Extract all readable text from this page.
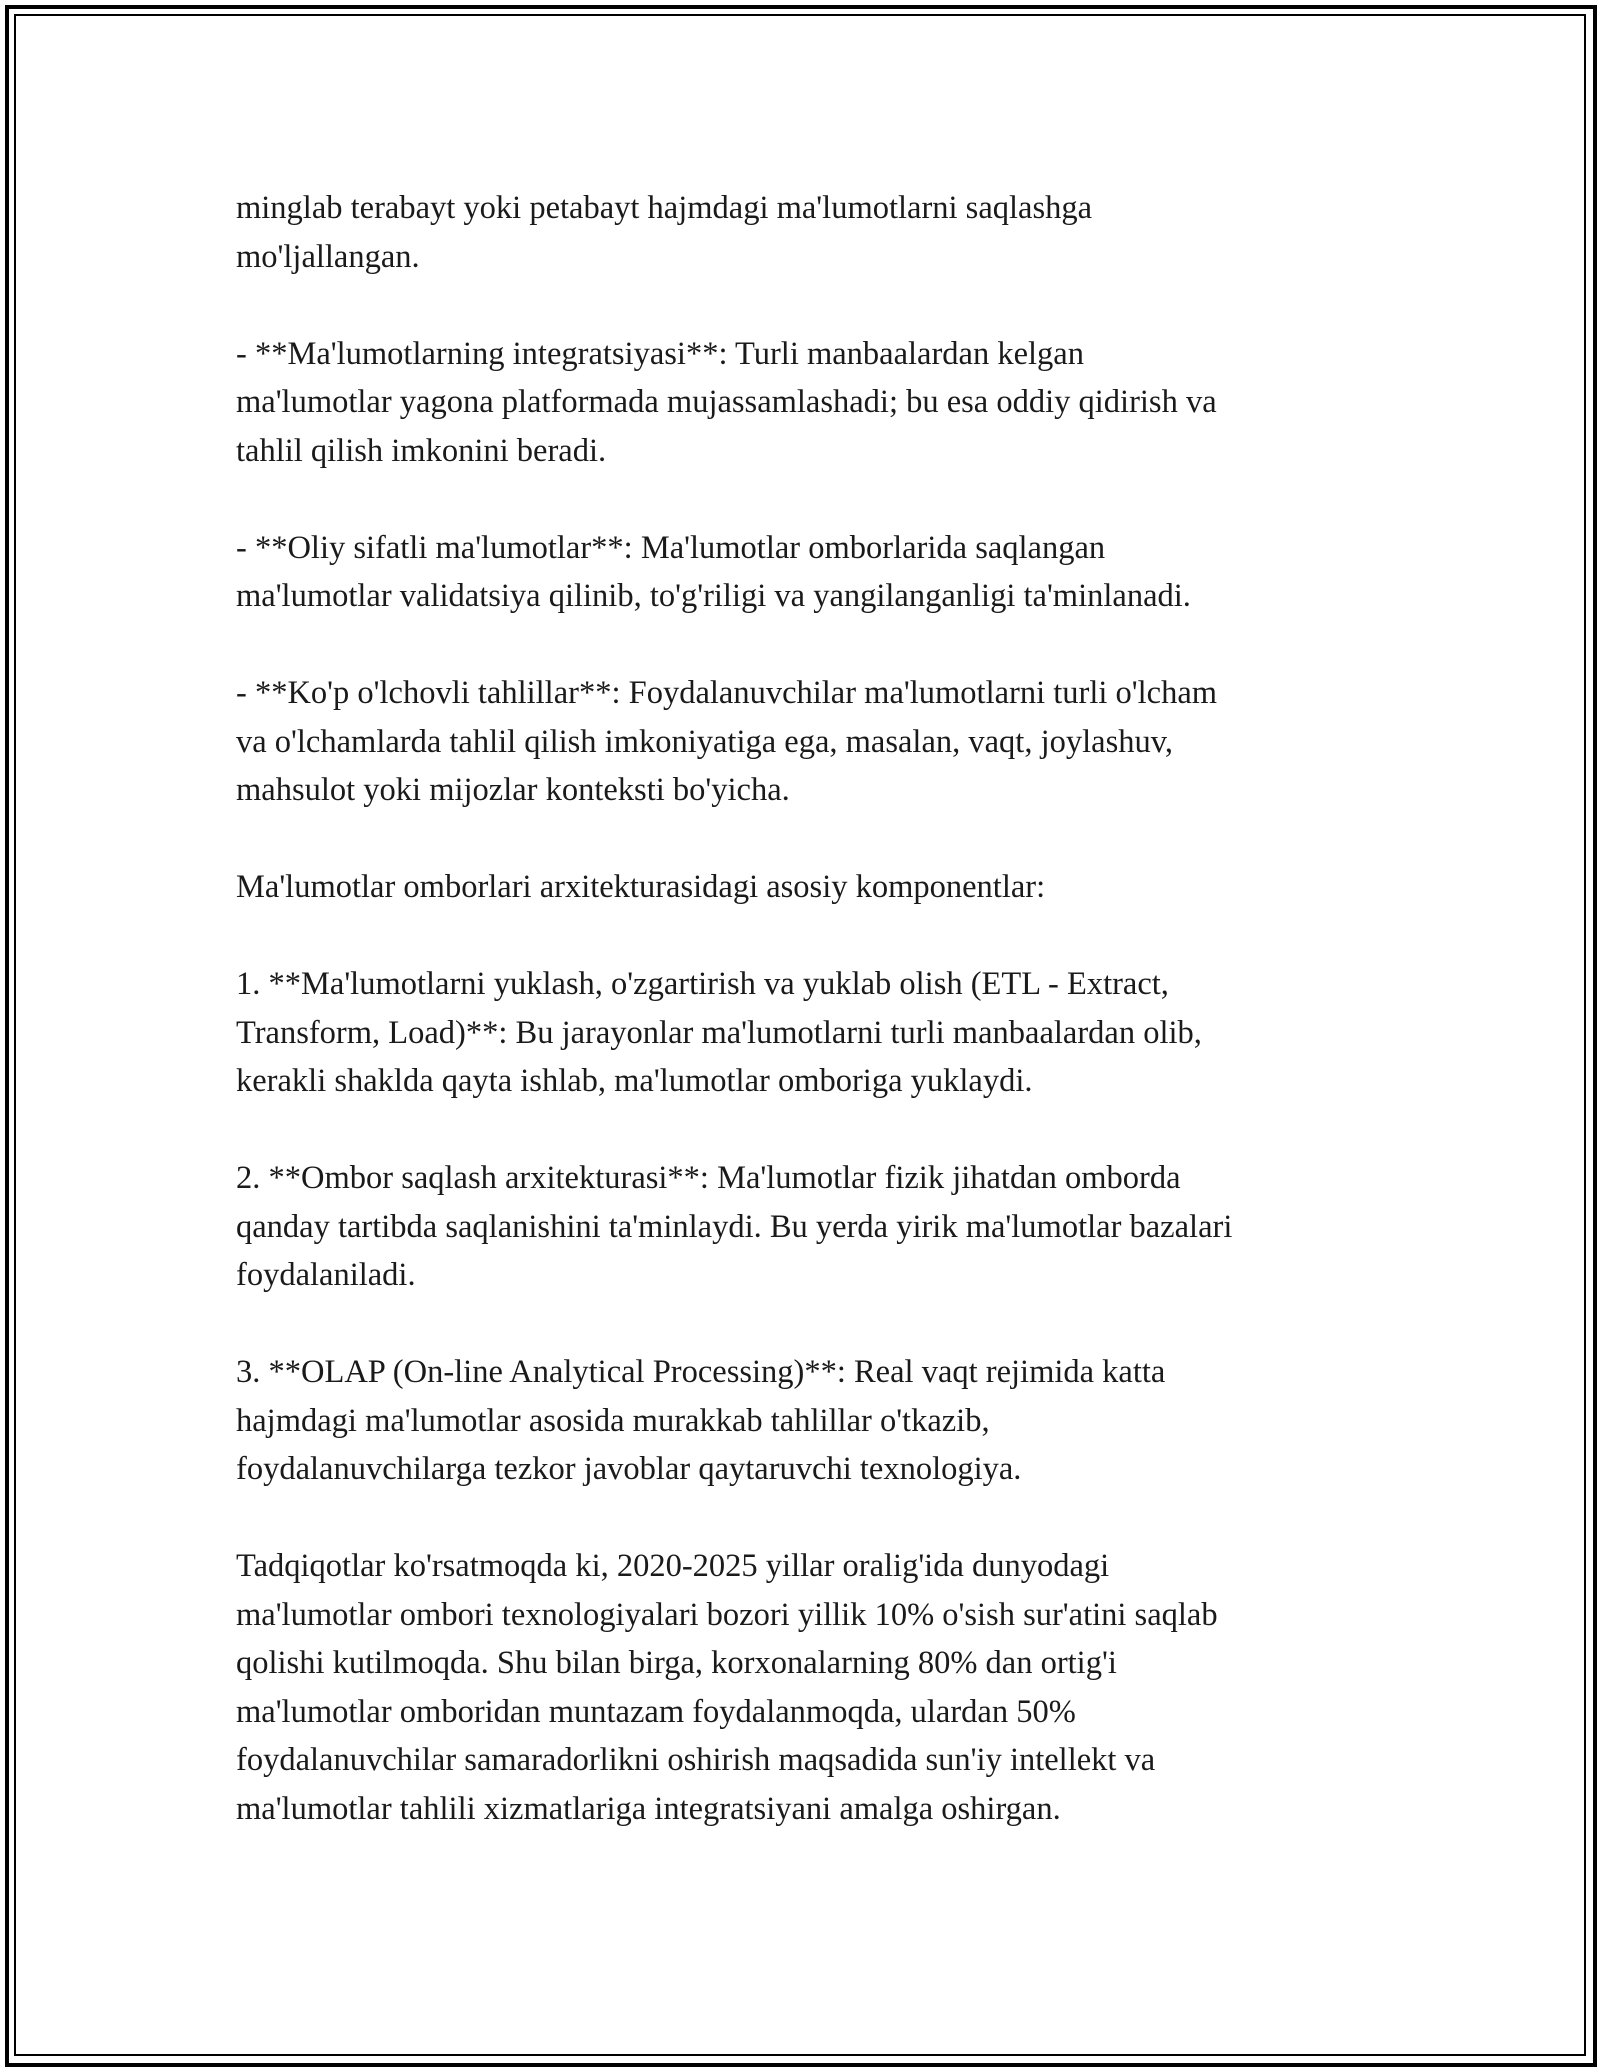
minglab terabayt yoki petabayt hajmdagi ma'lumotlarni saqlashga
mo'ljallangan.

- **Ma'lumotlarning integratsiyasi**: Turli manbaalardan kelgan
ma'lumotlar yagona platformada mujassamlashadi; bu esa oddiy qidirish va
tahlil qilish imkonini beradi.

- **Oliy sifatli ma'lumotlar**: Ma'lumotlar omborlarida saqlangan
ma'lumotlar validatsiya qilinib, to'g'riligi va yangilanganligi ta'minlanadi.

- **Ko'p o'lchovli tahlillar**: Foydalanuvchilar ma'lumotlarni turli o'lcham
va o'lchamlarda tahlil qilish imkoniyatiga ega, masalan, vaqt, joylashuv,
mahsulot yoki mijozlar konteksti bo'yicha.

Ma'lumotlar omborlari arxitekturasidagi asosiy komponentlar:

1. **Ma'lumotlarni yuklash, o'zgartirish va yuklab olish (ETL - Extract,
Transform, Load)**: Bu jarayonlar ma'lumotlarni turli manbaalardan olib,
kerakli shaklda qayta ishlab, ma'lumotlar omboriga yuklaydi.

2. **Ombor saqlash arxitekturasi**: Ma'lumotlar fizik jihatdan omborda
qanday tartibda saqlanishini ta'minlaydi. Bu yerda yirik ma'lumotlar bazalari
foydalaniladi.

3. **OLAP (On-line Analytical Processing)**: Real vaqt rejimida katta
hajmdagi ma'lumotlar asosida murakkab tahlillar o'tkazib,
foydalanuvchilarga tezkor javoblar qaytaruvchi texnologiya.

Tadqiqotlar ko'rsatmoqda ki, 2020-2025 yillar oralig'ida dunyodagi
ma'lumotlar ombori texnologiyalari bozori yillik 10% o'sish sur'atini saqlab
qolishi kutilmoqda. Shu bilan birga, korxonalarning 80% dan ortig'i
ma'lumotlar omboridan muntazam foydalanmoqda, ulardan 50%
foydalanuvchilar samaradorlikni oshirish maqsadida sun'iy intellekt va
ma'lumotlar tahlili xizmatlariga integratsiyani amalga oshirgan.
